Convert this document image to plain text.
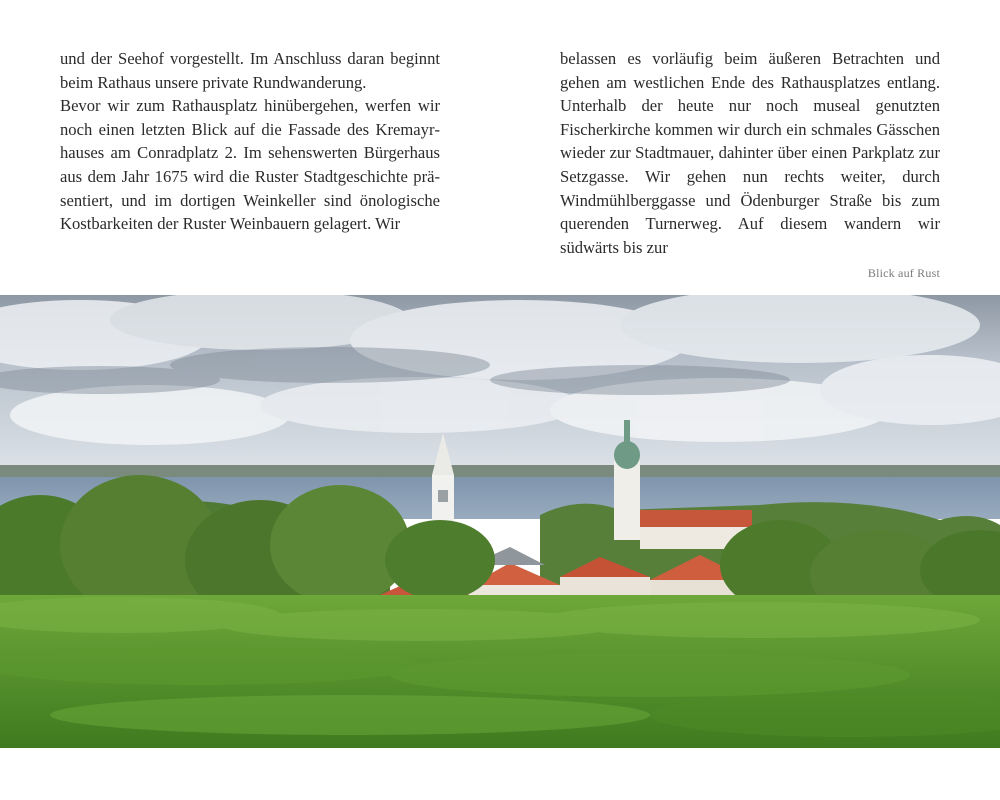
und der Seehof vorgestellt. Im Anschluss daran beginnt beim Rathaus unsere private Rundwanderung.

Bevor wir zum Rathausplatz hinübergehen, werfen wir noch einen letzten Blick auf die Fassade des Kremayrhauses am Conradplatz 2. Im sehenswerten Bürgerhaus aus dem Jahr 1675 wird die Ruster Stadtgeschichte präsentiert, und im dortigen Weinkeller sind önologische Kostbarkeiten der Ruster Weinbauern gelagert. Wir

belassen es vorläufig beim äußeren Betrachten und gehen am westlichen Ende des Rathausplatzes entlang. Unterhalb der heute nur noch museal genutzten Fischerkirche kommen wir durch ein schmales Gässchen wieder zur Stadtmauer, dahinter über einen Parkplatz zur Setzgasse. Wir gehen nun rechts weiter, durch Windmühlberggasse und Ödenburger Straße bis zum querenden Turnerweg. Auf diesem wandern wir südwärts bis zur

Blick auf Rust
